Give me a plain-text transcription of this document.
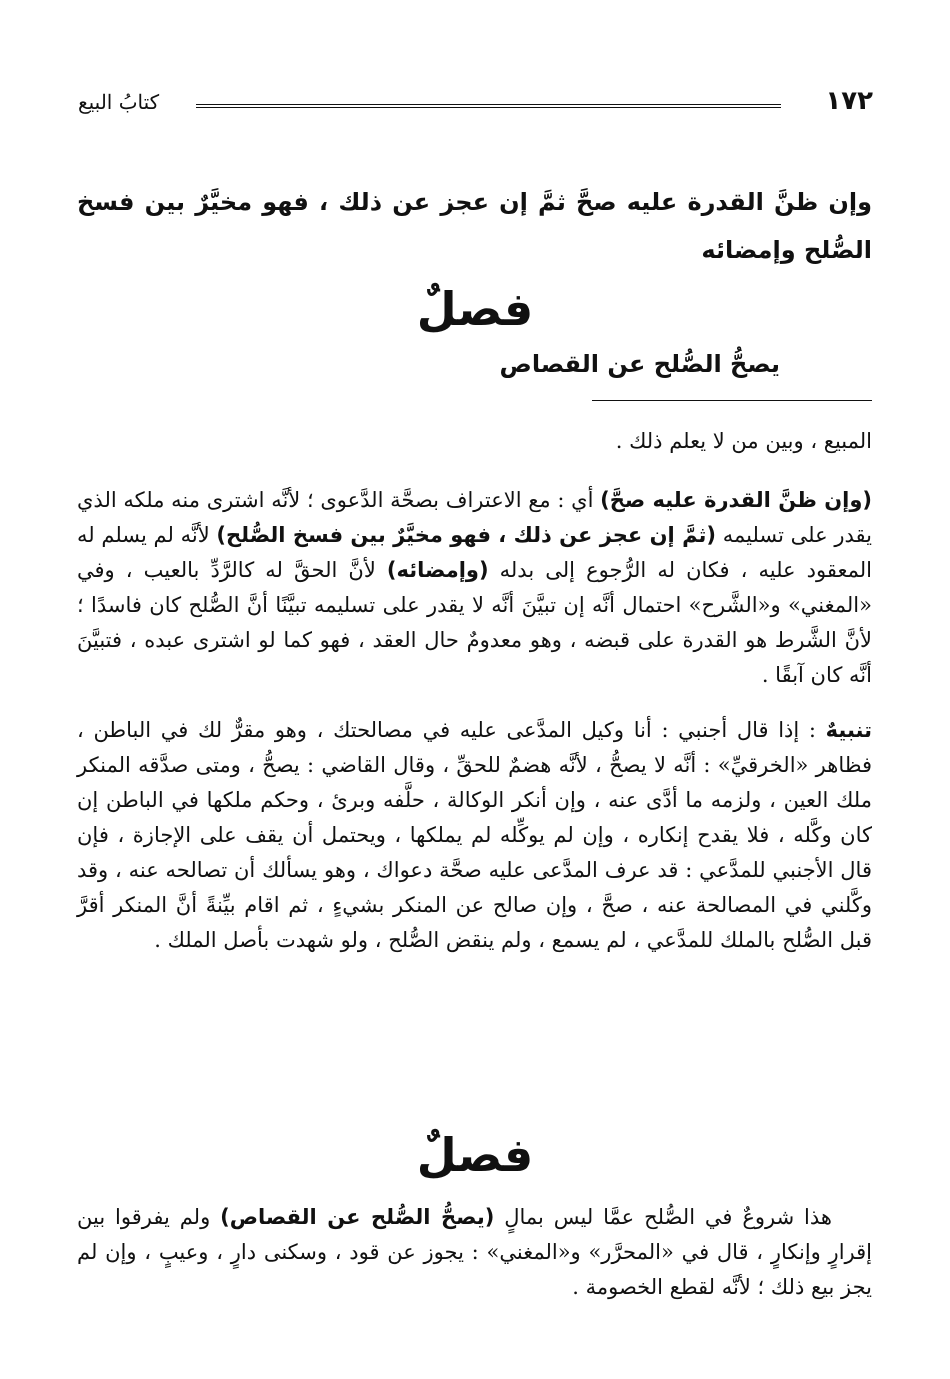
١٧٢
كتابُ البيع
وإن ظنَّ القدرة عليه صحَّ ثمَّ إن عجز عن ذلك ، فهو مخيَّرٌ بين فسخ الصُّلح وإمضائه
فصلٌ
يصحُّ الصُّلح عن القصاص
المبيع ، وبين من لا يعلم ذلك .
(وإن ظنَّ القدرة عليه صحَّ) أي : مع الاعتراف بصحَّة الدَّعوى ؛ لأنَّه اشترى منه ملكه الذي يقدر على تسليمه (ثمَّ إن عجز عن ذلك ، فهو مخيَّرٌ بين فسخ الصُّلح) لأنَّه لم يسلم له المعقود عليه ، فكان له الرُّجوع إلى بدله (وإمضائه) لأنَّ الحقَّ له كالرَّدِّ بالعيب ، وفي «المغني» و«الشَّرح» احتمال أنَّه إن تبيَّنَ أنَّه لا يقدر على تسليمه تبيَّنًا أنَّ الصُّلح كان فاسدًا ؛ لأنَّ الشَّرط هو القدرة على قبضه ، وهو معدومٌ حال العقد ، فهو كما لو اشترى عبده ، فتبيَّنَ أنَّه كان آبقًا .
تنبيهٌ : إذا قال أجنبي : أنا وكيل المدَّعى عليه في مصالحتك ، وهو مقرٌّ لك في الباطن ، فظاهر «الخرقيِّ» : أنَّه لا يصحُّ ، لأنَّه هضمٌ للحقِّ ، وقال القاضي : يصحُّ ، ومتى صدَّقه المنكر ملك العين ، ولزمه ما أدَّى عنه ، وإن أنكر الوكالة ، حلَّفه وبرئ ، وحكم ملكها في الباطن إن كان وكَّله ، فلا يقدح إنكاره ، وإن لم يوكِّله لم يملكها ، ويحتمل أن يقف على الإجازة ، فإن قال الأجنبي للمدَّعي : قد عرف المدَّعى عليه صحَّة دعواك ، وهو يسألك أن تصالحه عنه ، وقد وكَّلني في المصالحة عنه ، صحَّ ، وإن صالح عن المنكر بشيءٍ ، ثم اقام بيِّنةً أنَّ المنكر أقرَّ قبل الصُّلح بالملك للمدَّعي ، لم يسمع ، ولم ينقض الصُّلح ، ولو شهدت بأصل الملك .
فصلٌ
هذا شروعٌ في الصُّلح عمَّا ليس بمالٍ (يصحُّ الصُّلح عن القصاص) ولم يفرقوا بين إقرارٍ وإنكارٍ ، قال في «المحرَّر» و«المغني» : يجوز عن قود ، وسكنى دارٍ ، وعيبٍ ، وإن لم يجز بيع ذلك ؛ لأنَّه لقطع الخصومة .
